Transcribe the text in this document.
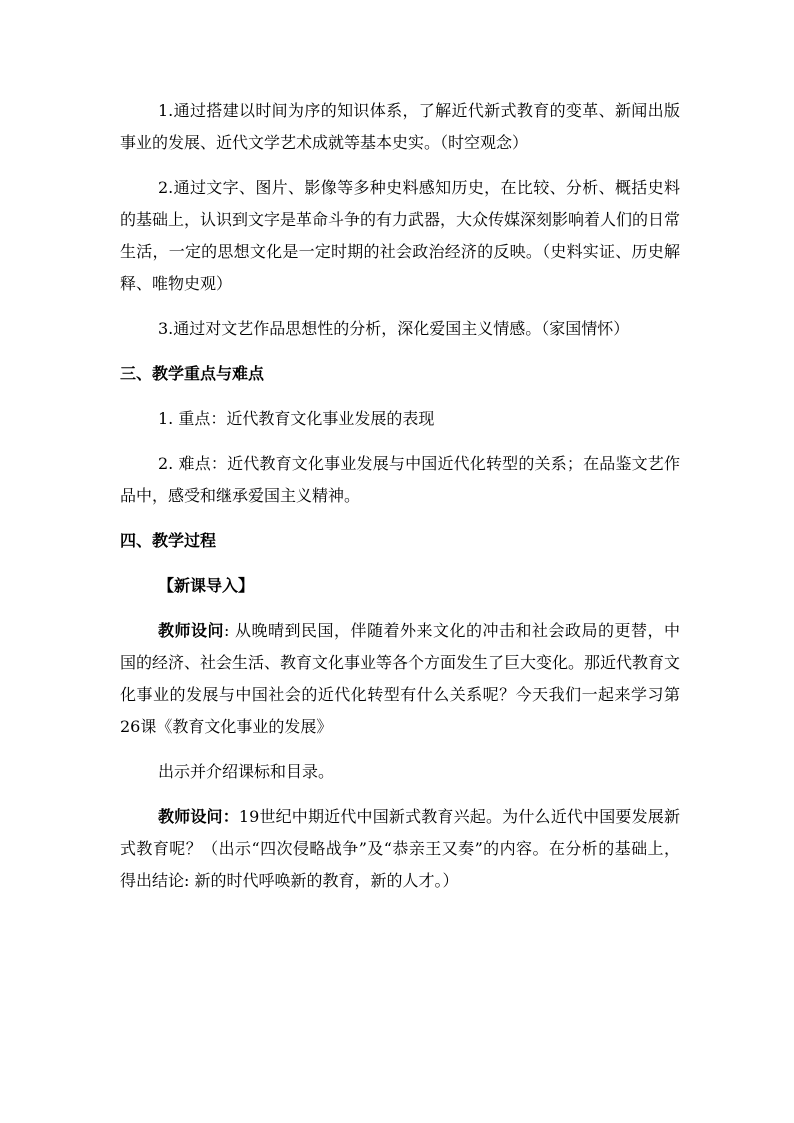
1.通过搭建以时间为序的知识体系，了解近代新式教育的变革、新闻出版事业的发展、近代文学艺术成就等基本史实。（时空观念）

2.通过文字、图片、影像等多种史料感知历史，在比较、分析、概括史料的基础上，认识到文字是革命斗争的有力武器，大众传媒深刻影响着人们的日常生活，一定的思想文化是一定时期的社会政治经济的反映。（史料实证、历史解释、唯物史观）

3.通过对文艺作品思想性的分析，深化爱国主义情感。（家国情怀）

三、教学重点与难点

1. 重点：近代教育文化事业发展的表现

2. 难点：近代教育文化事业发展与中国近代化转型的关系；在品鉴文艺作品中，感受和继承爱国主义精神。

四、教学过程

【新课导入】

教师设问: 从晚晴到民国，伴随着外来文化的冲击和社会政局的更替，中国的经济、社会生活、教育文化事业等各个方面发生了巨大变化。那近代教育文化事业的发展与中国社会的近代化转型有什么关系呢？今天我们一起来学习第26课《教育文化事业的发展》

出示并介绍课标和目录。

教师设问：19世纪中期近代中国新式教育兴起。为什么近代中国要发展新式教育呢？（出示“四次侵略战争”及“恭亲王又奏”的内容。在分析的基础上，得出结论: 新的时代呼唤新的教育，新的人才。）
